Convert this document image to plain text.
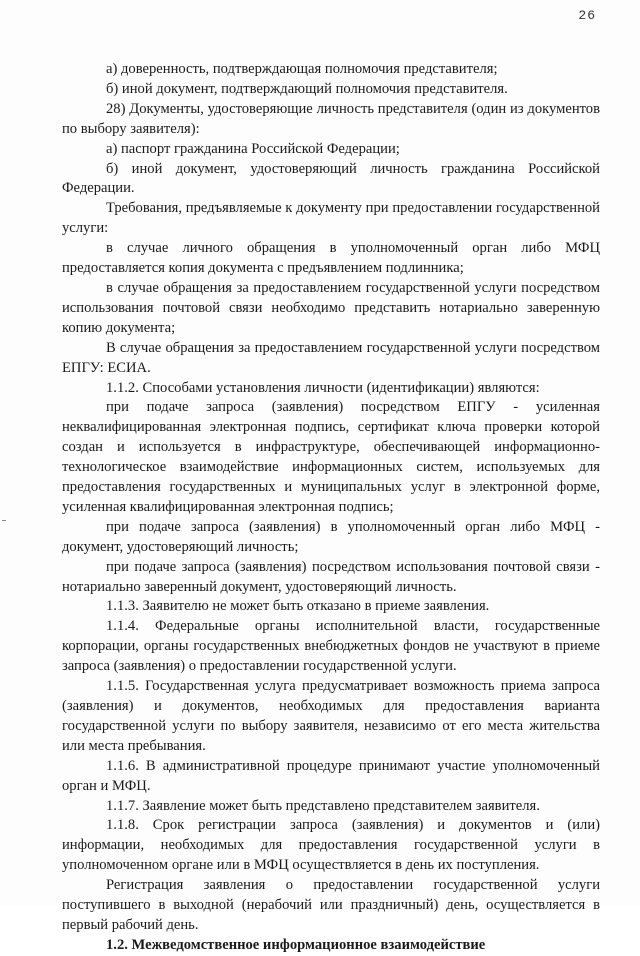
26

а) доверенность, подтверждающая полномочия представителя;

б) иной документ, подтверждающий полномочия представителя.

28) Документы, удостоверяющие личность представителя (один из документов по выбору заявителя):

а) паспорт гражданина Российской Федерации;

б) иной документ, удостоверяющий личность гражданина Российской Федерации.

Требования, предъявляемые к документу при предоставлении государственной услуги:

в случае личного обращения в уполномоченный орган либо МФЦ предоставляется копия документа с предъявлением подлинника;

в случае обращения за предоставлением государственной услуги посредством использования почтовой связи необходимо представить нотариально заверенную копию документа;

В случае обращения за предоставлением государственной услуги посредством ЕПГУ: ЕСИА.

1.1.2. Способами установления личности (идентификации) являются:

при подаче запроса (заявления) посредством ЕПГУ - усиленная неквалифицированная электронная подпись, сертификат ключа проверки которой создан и используется в инфраструктуре, обеспечивающей информационно-технологическое взаимодействие информационных систем, используемых для предоставления государственных и муниципальных услуг в электронной форме, усиленная квалифицированная электронная подпись;

при подаче запроса (заявления) в уполномоченный орган либо МФЦ - документ, удостоверяющий личность;

при подаче запроса (заявления) посредством использования почтовой связи - нотариально заверенный документ, удостоверяющий личность.

1.1.3. Заявителю не может быть отказано в приеме заявления.

1.1.4. Федеральные органы исполнительной власти, государственные корпорации, органы государственных внебюджетных фондов не участвуют в приеме запроса (заявления) о предоставлении государственной услуги.

1.1.5. Государственная услуга предусматривает возможность приема запроса (заявления) и документов, необходимых для предоставления варианта государственной услуги по выбору заявителя, независимо от его места жительства или места пребывания.

1.1.6. В административной процедуре принимают участие уполномоченный орган и МФЦ.

1.1.7. Заявление может быть представлено представителем заявителя.

1.1.8. Срок регистрации запроса (заявления) и документов и (или) информации, необходимых для предоставления государственной услуги в уполномоченном органе или в МФЦ осуществляется в день их поступления.

Регистрация заявления о предоставлении государственной услуги поступившего в выходной (нерабочий или праздничный) день, осуществляется в первый рабочий день.

1.2. Межведомственное информационное взаимодействие
